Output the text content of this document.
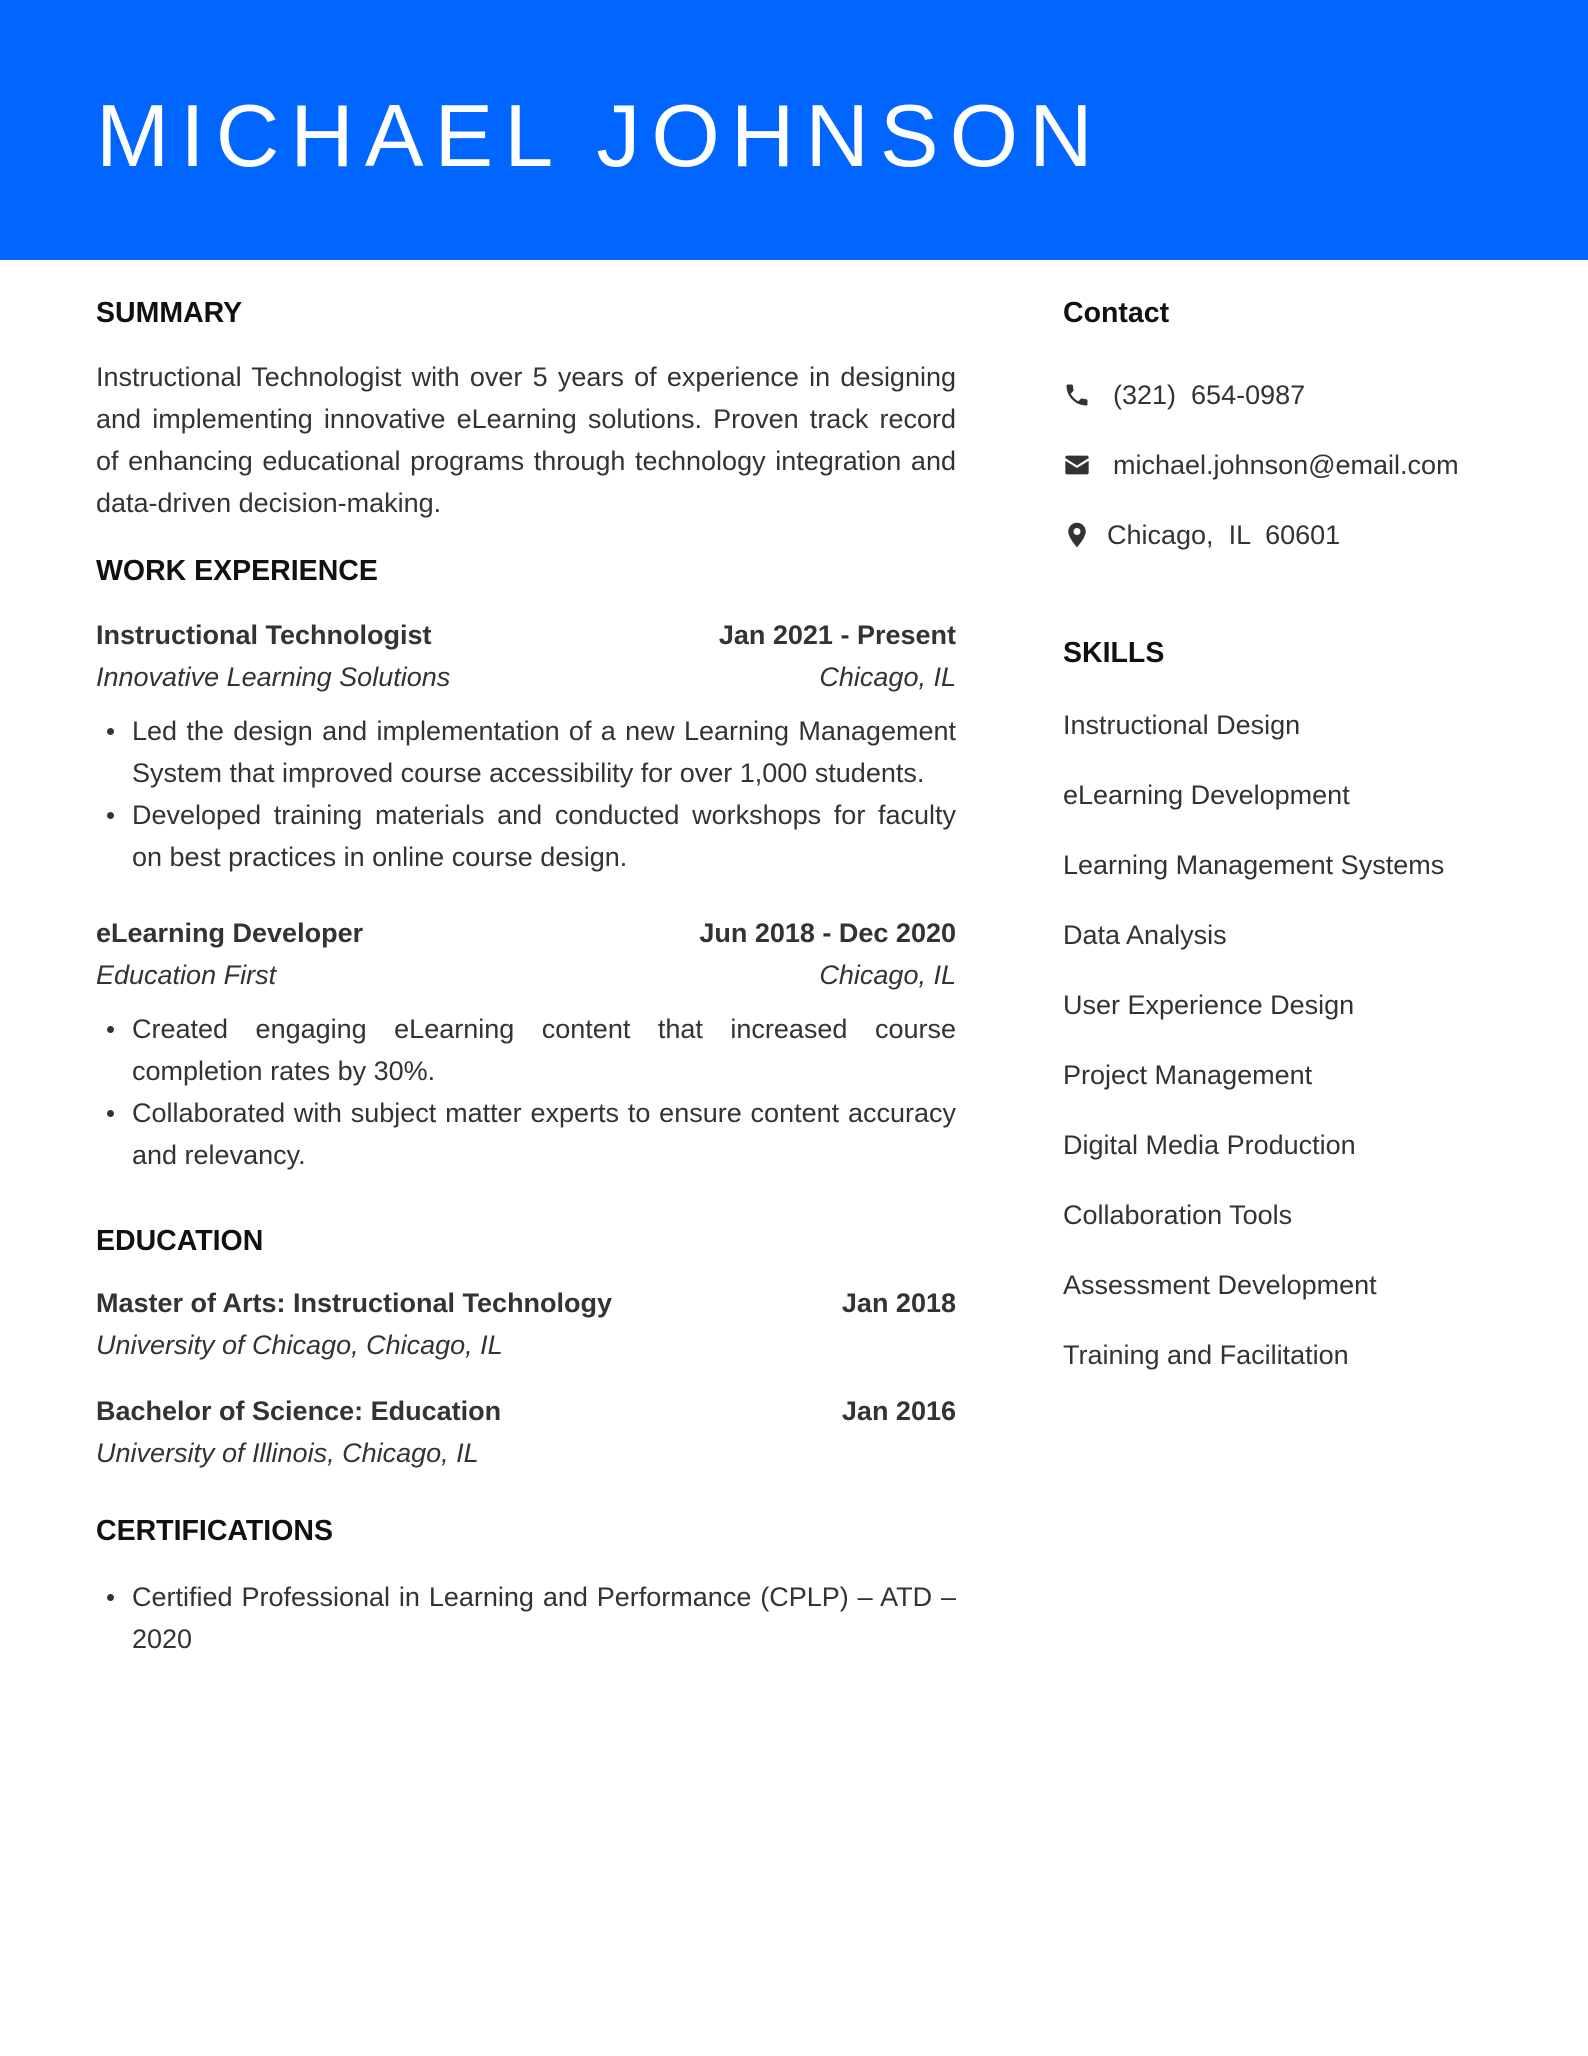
MICHAEL JOHNSON
SUMMARY

Instructional Technologist with over 5 years of experience in designing and implementing innovative eLearning solutions. Proven track record of enhancing educational programs through technology integration and data-driven decision-making.

WORK EXPERIENCE
Instructional Technologist	Jan 2021 - Present
Innovative Learning Solutions	Chicago, IL
Led the design and implementation of a new Learning Management System that improved course accessibility for over 1,000 students.
Developed training materials and conducted workshops for faculty on best practices in online course design.
eLearning Developer	Jun 2018 - Dec 2020
Education First	Chicago, IL
Created engaging eLearning content that increased course completion rates by 30%.
Collaborated with subject matter experts to ensure content accuracy and relevancy.
EDUCATION
Master of Arts: Instructional Technology	Jan 2018
University of Chicago, Chicago, IL
Bachelor of Science: Education	Jan 2016
University of Illinois, Chicago, IL
CERTIFICATIONS
Certified Professional in Learning and Performance (CPLP) – ATD – 2020
Contact
(321)  654-0987
michael.johnson@email.com
Chicago,  IL  60601
SKILLS
Instructional Design
eLearning Development
Learning Management Systems
Data Analysis
User Experience Design
Project Management
Digital Media Production
Collaboration Tools
Assessment Development
Training and Facilitation
